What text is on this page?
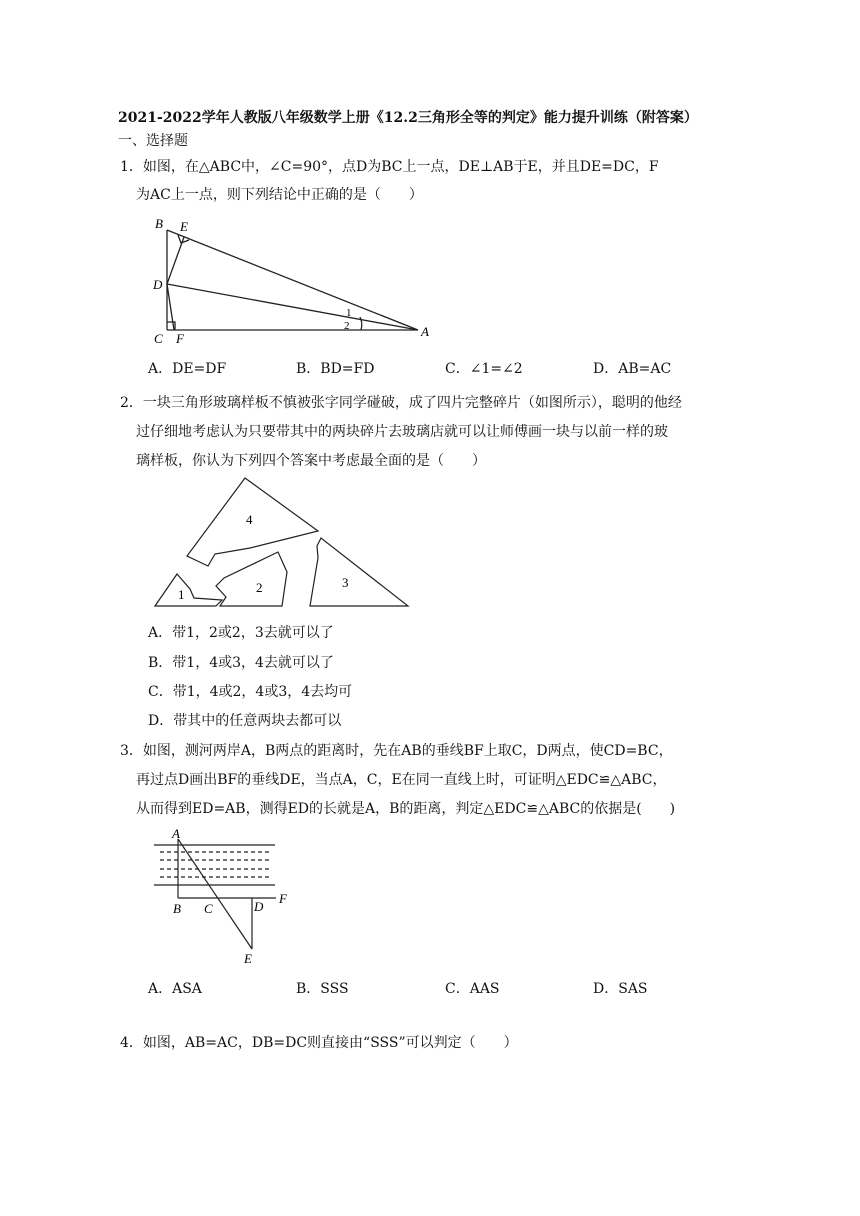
2021-2022学年人教版八年级数学上册《12.2三角形全等的判定》能力提升训练（附答案）
一、选择题
1．如图，在△ABC中，∠C=90°，点D为BC上一点，DE⊥AB于E，并且DE=DC，F
为AC上一点，则下列结论中正确的是（　　）
B E
D
C F	A
1
2
A．DE=DF	B．BD=FD	C．∠1=∠2	D．AB=AC
2．一块三角形玻璃样板不慎被张字同学碰破，成了四片完整碎片（如图所示），聪明的他经
过仔细地考虑认为只要带其中的两块碎片去玻璃店就可以让师傅画一块与以前一样的玻
璃样板，你认为下列四个答案中考虑最全面的是（　　）
4
1	2	3
A．带1，2或2，3去就可以了
B．带1，4或3，4去就可以了
C．带1，4或2，4或3，4去均可
D．带其中的任意两块去都可以
3．如图，测河两岸A，B两点的距离时，先在AB的垂线BF上取C，D两点，使CD=BC，
再过点D画出BF的垂线DE，当点A，C，E在同一直线上时，可证明△EDC≌△ABC，
从而得到ED=AB，测得ED的长就是A，B的距离，判定△EDC≌△ABC的依据是(　　)
A
B C	D
F
E
A．ASA	B．SSS	C．AAS	D．SAS
4．如图，AB=AC，DB=DC则直接由“SSS”可以判定（　　）
